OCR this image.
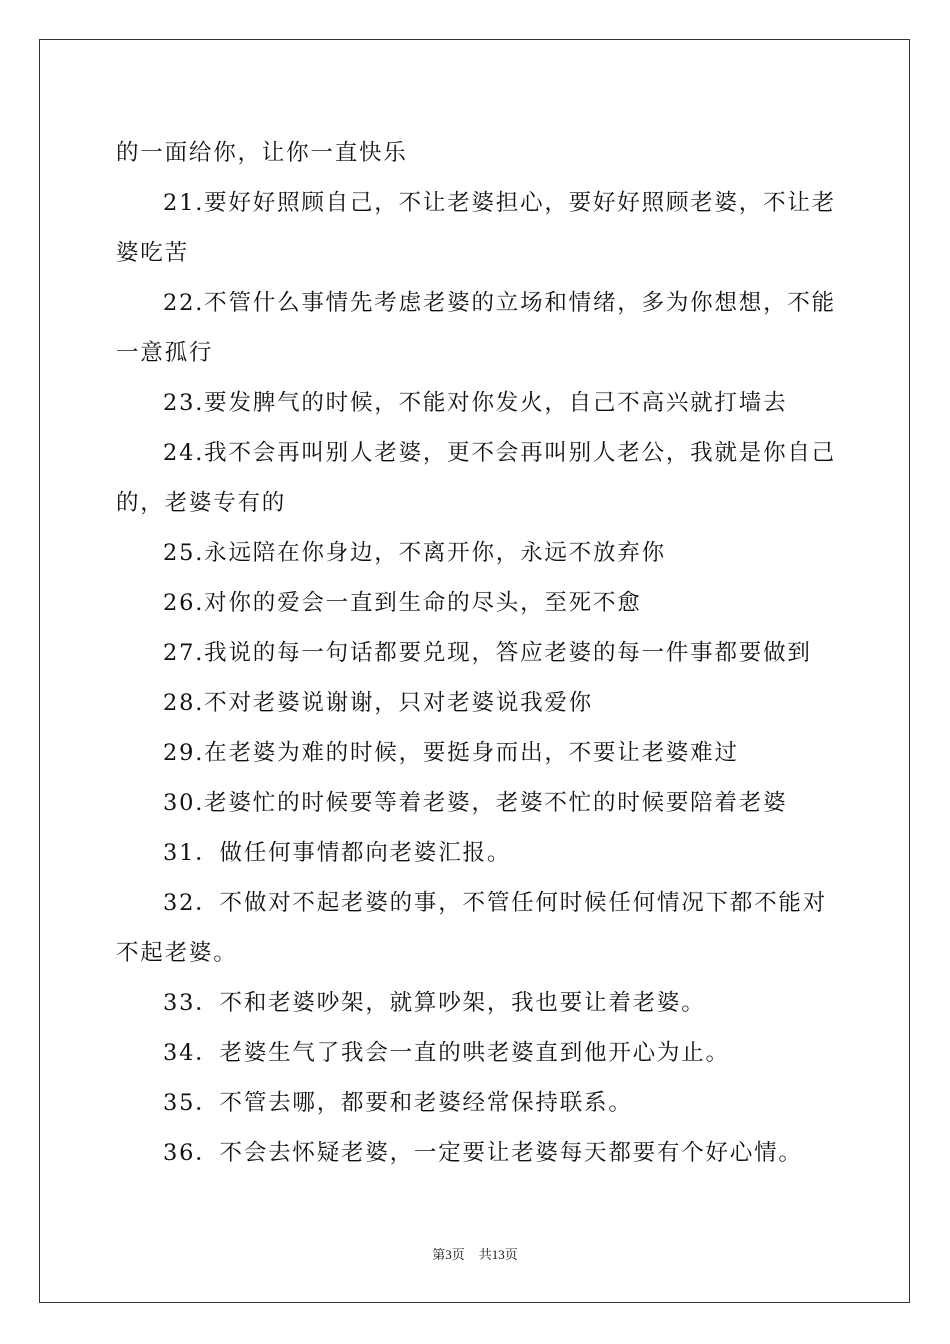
的一面给你，让你一直快乐

21.要好好照顾自己，不让老婆担心，要好好照顾老婆，不让老婆吃苦

22.不管什么事情先考虑老婆的立场和情绪，多为你想想，不能一意孤行

23.要发脾气的时候，不能对你发火，自己不高兴就打墙去

24.我不会再叫别人老婆，更不会再叫别人老公，我就是你自己的，老婆专有的

25.永远陪在你身边，不离开你，永远不放弃你

26.对你的爱会一直到生命的尽头，至死不愈

27.我说的每一句话都要兑现，答应老婆的每一件事都要做到

28.不对老婆说谢谢，只对老婆说我爱你

29.在老婆为难的时候，要挺身而出，不要让老婆难过

30.老婆忙的时候要等着老婆，老婆不忙的时候要陪着老婆

31．做任何事情都向老婆汇报。

32．不做对不起老婆的事，不管任何时候任何情况下都不能对不起老婆。

33．不和老婆吵架，就算吵架，我也要让着老婆。

34．老婆生气了我会一直的哄老婆直到他开心为止。

35．不管去哪，都要和老婆经常保持联系。

36．不会去怀疑老婆，一定要让老婆每天都要有个好心情。

第3页 共13页
